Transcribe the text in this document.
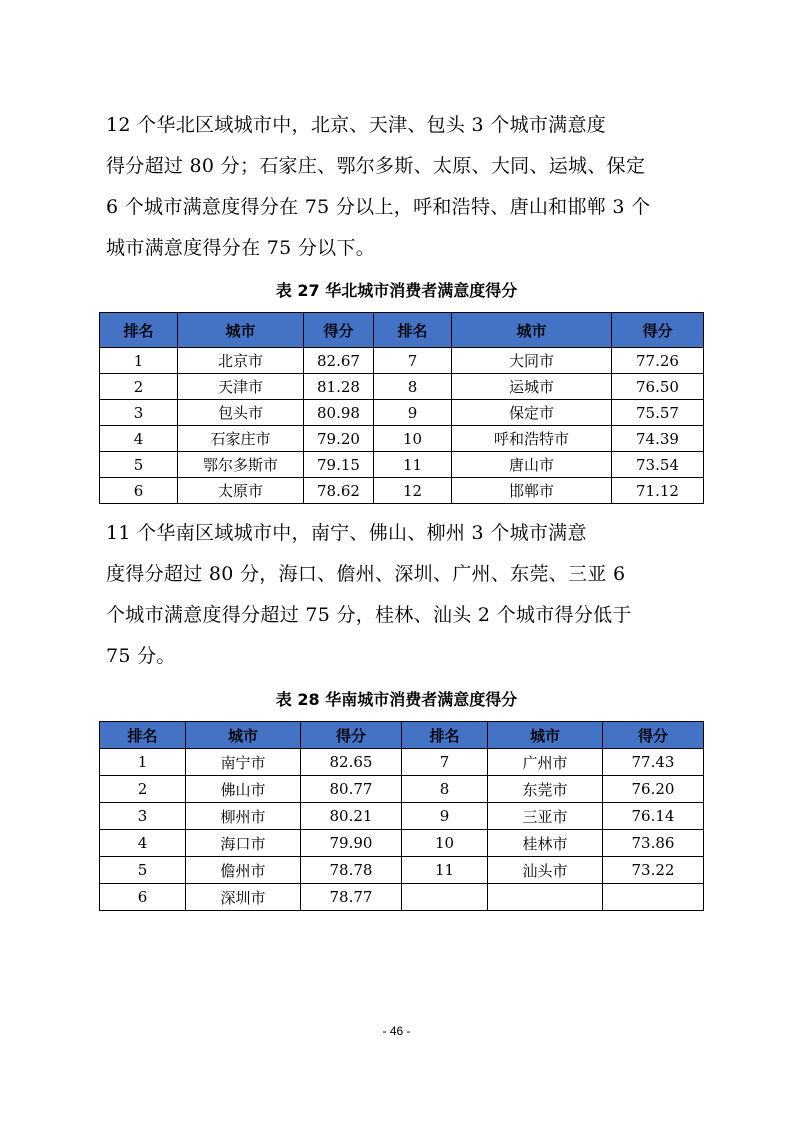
12 个华北区域城市中，北京、天津、包头 3 个城市满意度
得分超过 80 分；石家庄、鄂尔多斯、太原、大同、运城、保定
6 个城市满意度得分在 75 分以上，呼和浩特、唐山和邯郸 3 个
城市满意度得分在 75 分以下。

表 27 华北城市消费者满意度得分
排名	城市	得分	排名	城市	得分
1	北京市	82.67	7	大同市	77.26
2	天津市	81.28	8	运城市	76.50
3	包头市	80.98	9	保定市	75.57
4	石家庄市	79.20	10	呼和浩特市	74.39
5	鄂尔多斯市	79.15	11	唐山市	73.54
6	太原市	78.62	12	邯郸市	71.12

11 个华南区域城市中，南宁、佛山、柳州 3 个城市满意
度得分超过 80 分，海口、儋州、深圳、广州、东莞、三亚 6
个城市满意度得分超过 75 分，桂林、汕头 2 个城市得分低于
75 分。

表 28 华南城市消费者满意度得分
排名	城市	得分	排名	城市	得分
1	南宁市	82.65	7	广州市	77.43
2	佛山市	80.77	8	东莞市	76.20
3	柳州市	80.21	9	三亚市	76.14
4	海口市	79.90	10	桂林市	73.86
5	儋州市	78.78	11	汕头市	73.22
6	深圳市	78.77			
- 46 -
